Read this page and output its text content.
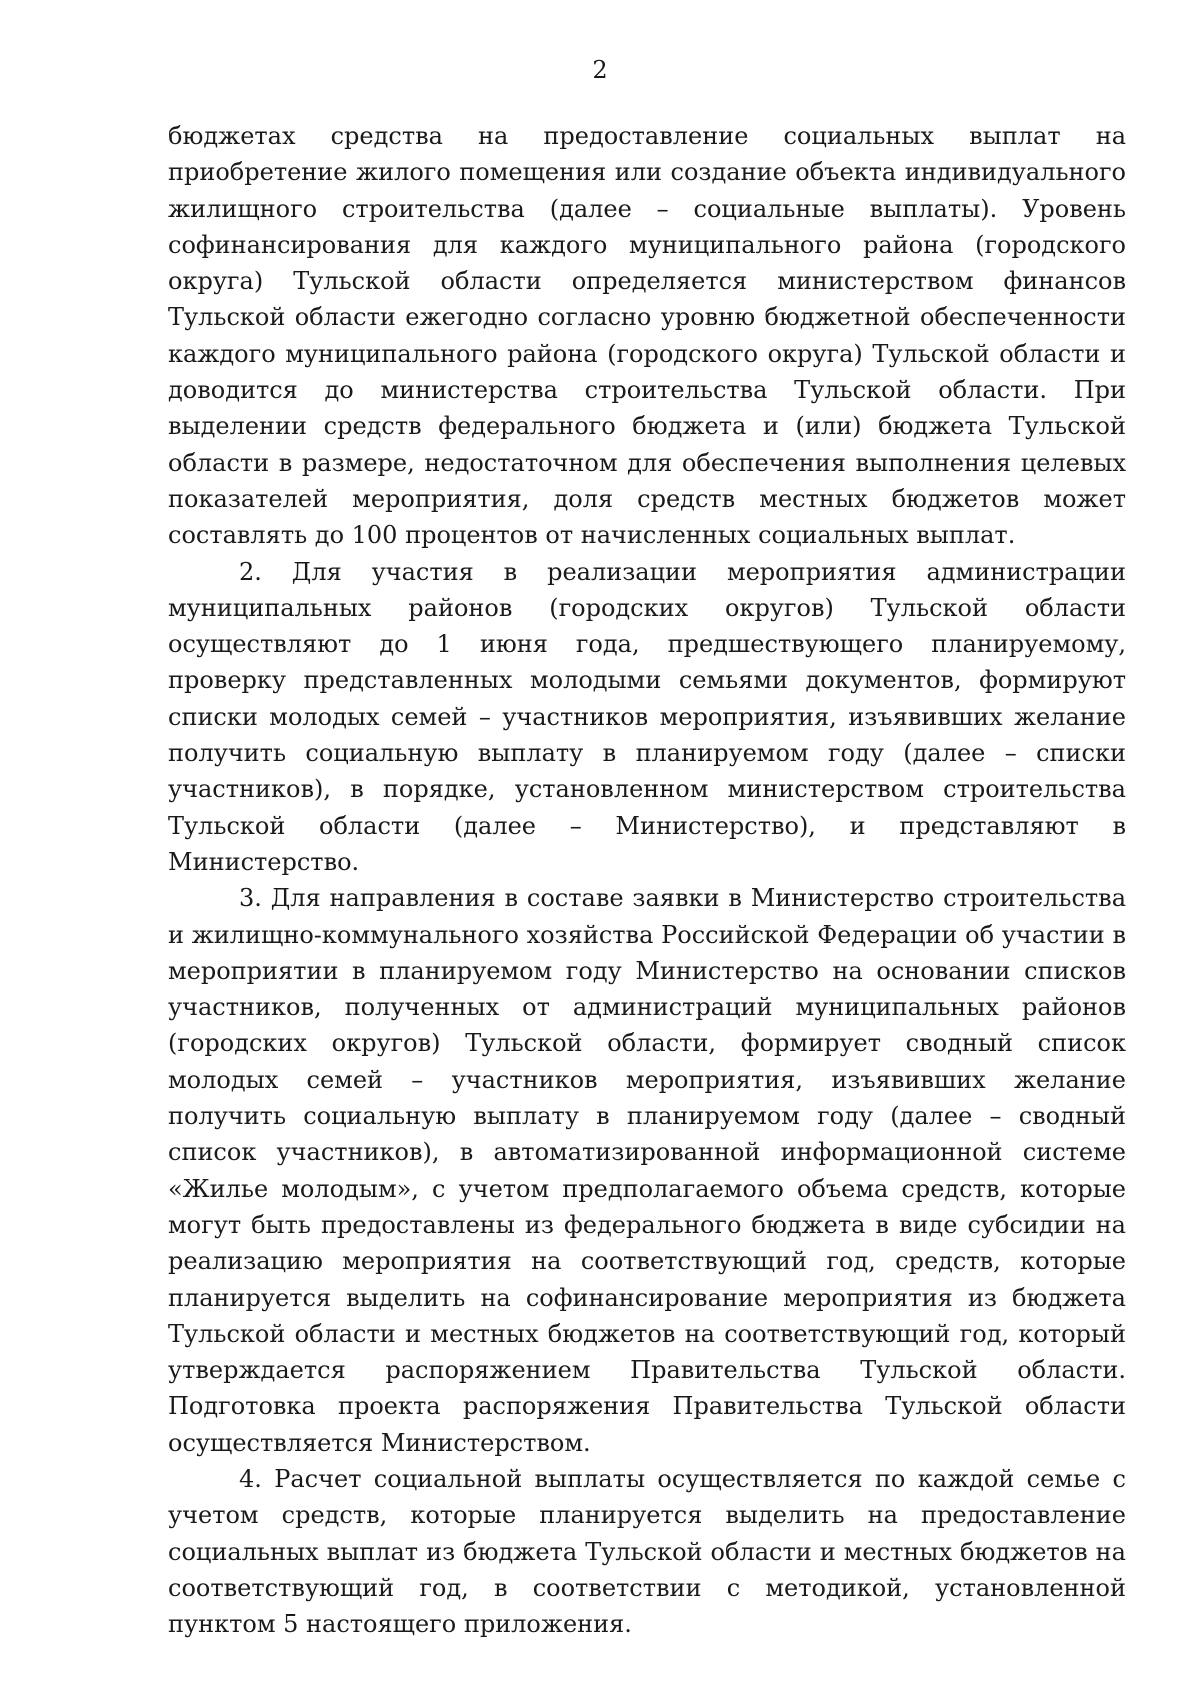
2

бюджетах средства на предоставление социальных выплат на приобретение жилого помещения или создание объекта индивидуального жилищного строительства (далее – социальные выплаты). Уровень софинансирования для каждого муниципального района (городского округа) Тульской области определяется министерством финансов Тульской области ежегодно согласно уровню бюджетной обеспеченности каждого муниципального района (городского округа) Тульской области и доводится до министерства строительства Тульской области. При выделении средств федерального бюджета и (или) бюджета Тульской области в размере, недостаточном для обеспечения выполнения целевых показателей мероприятия, доля средств местных бюджетов может составлять до 100 процентов от начисленных социальных выплат.

2. Для участия в реализации мероприятия администрации муниципальных районов (городских округов) Тульской области осуществляют до 1 июня года, предшествующего планируемому, проверку представленных молодыми семьями документов, формируют списки молодых семей – участников мероприятия, изъявивших желание получить социальную выплату в планируемом году (далее – списки участников), в порядке, установленном министерством строительства Тульской области (далее – Министерство), и представляют в Министерство.

3. Для направления в составе заявки в Министерство строительства и жилищно-коммунального хозяйства Российской Федерации об участии в мероприятии в планируемом году Министерство на основании списков участников, полученных от администраций муниципальных районов (городских округов) Тульской области, формирует сводный список молодых семей – участников мероприятия, изъявивших желание получить социальную выплату в планируемом году (далее – сводный список участников), в автоматизированной информационной системе «Жилье молодым», с учетом предполагаемого объема средств, которые могут быть предоставлены из федерального бюджета в виде субсидии на реализацию мероприятия на соответствующий год, средств, которые планируется выделить на софинансирование мероприятия из бюджета Тульской области и местных бюджетов на соответствующий год, который утверждается распоряжением Правительства Тульской области. Подготовка проекта распоряжения Правительства Тульской области осуществляется Министерством.

4. Расчет социальной выплаты осуществляется по каждой семье с учетом средств, которые планируется выделить на предоставление социальных выплат из бюджета Тульской области и местных бюджетов на соответствующий год, в соответствии с методикой, установленной пунктом 5 настоящего приложения.
